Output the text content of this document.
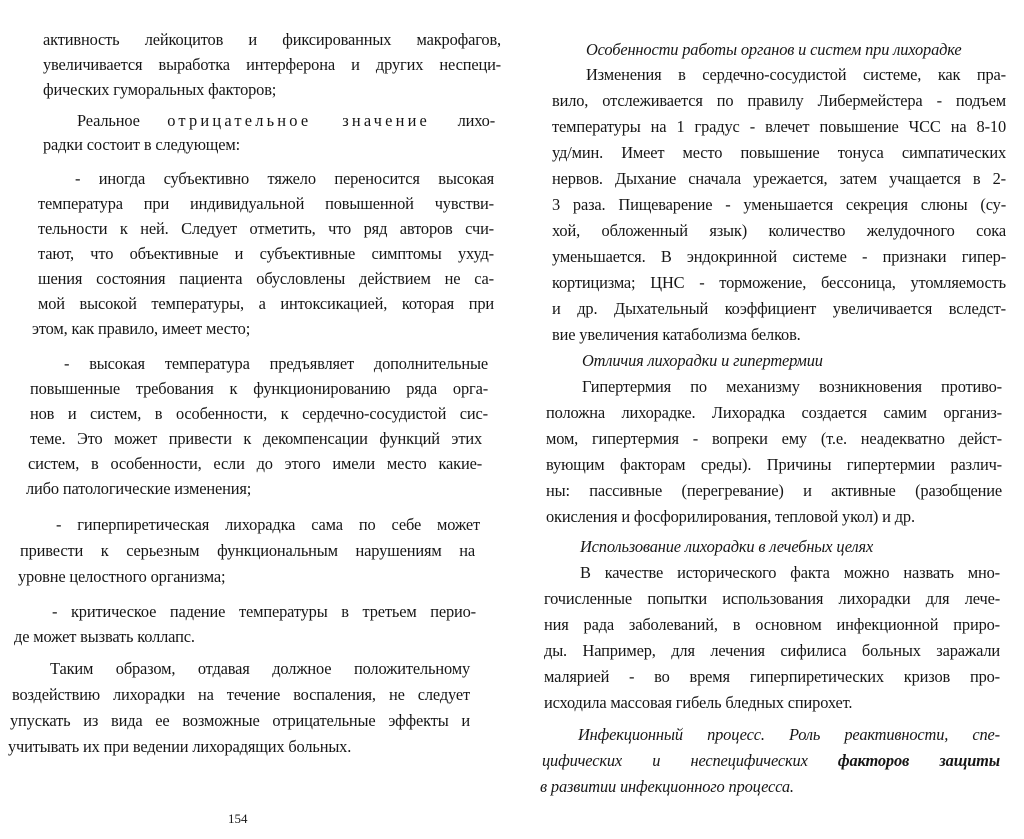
активность лейкоцитов и фиксированных макрофагов,
увеличивается выработка интерферона и других неспеци-
фических гуморальных факторов;
Реальное отрицательное значение лихо-
радки состоит в следующем:
- иногда субъективно тяжело переносится высокая
температура при индивидуальной повышенной чувстви-
тельности к ней. Следует отметить, что ряд авторов счи-
тают, что объективные и субъективные симптомы ухуд-
шения состояния пациента обусловлены действием не са-
мой высокой температуры, а интоксикацией, которая при
этом, как правило, имеет место;
- высокая температура предъявляет дополнительные
повышенные требования к функционированию ряда орга-
нов и систем, в особенности, к сердечно-сосудистой сис-
теме. Это может привести к декомпенсации функций этих
систем, в особенности, если до этого имели место какие-
либо патологические изменения;
- гиперпиретическая лихорадка сама по себе может
привести к серьезным функциональным нарушениям на
уровне целостного организма;
- критическое падение температуры в третьем перио-
де может вызвать коллапс.
Таким образом, отдавая должное положительному
воздействию лихорадки на течение воспаления, не следует
упускать из вида ее возможные отрицательные эффекты и
учитывать их при ведении лихорадящих больных.
154
Особенности работы органов и систем при лихорадке
Изменения в сердечно-сосудистой системе, как пра-
вило, отслеживается по правилу Либермейстера - подъем
температуры на 1 градус - влечет повышение ЧСС на 8-10
уд/мин. Имеет место повышение тонуса симпатических
нервов. Дыхание сначала урежается, затем учащается в 2-
3 раза. Пищеварение - уменьшается секреция слюны (су-
хой, обложенный язык) количество желудочного сока
уменьшается. В эндокринной системе - признаки гипер-
кортицизма; ЦНС - торможение, бессоница, утомляемость
и др. Дыхательный коэффициент увеличивается вследст-
вие увеличения катаболизма белков.
Отличия лихорадки и гипертермии
Гипертермия по механизму возникновения противо-
положна лихорадке. Лихорадка создается самим организ-
мом, гипертермия - вопреки ему (т.е. неадекватно дейст-
вующим факторам среды). Причины гипертермии различ-
ны: пассивные (перегревание) и активные (разобщение
окисления и фосфорилирования, тепловой укол) и др.
Использование лихорадки в лечебных целях
В качестве исторического факта можно назвать мно-
гочисленные попытки использования лихорадки для лече-
ния рада заболеваний, в основном инфекционной приро-
ды. Например, для лечения сифилиса больных заражали
малярией - во время гиперпиретических кризов про-
исходила массовая гибель бледных спирохет.
Инфекционный процесс. Роль реактивности, спе-
цифических и неспецифических факторов защиты
в развитии инфекционного процесса.
